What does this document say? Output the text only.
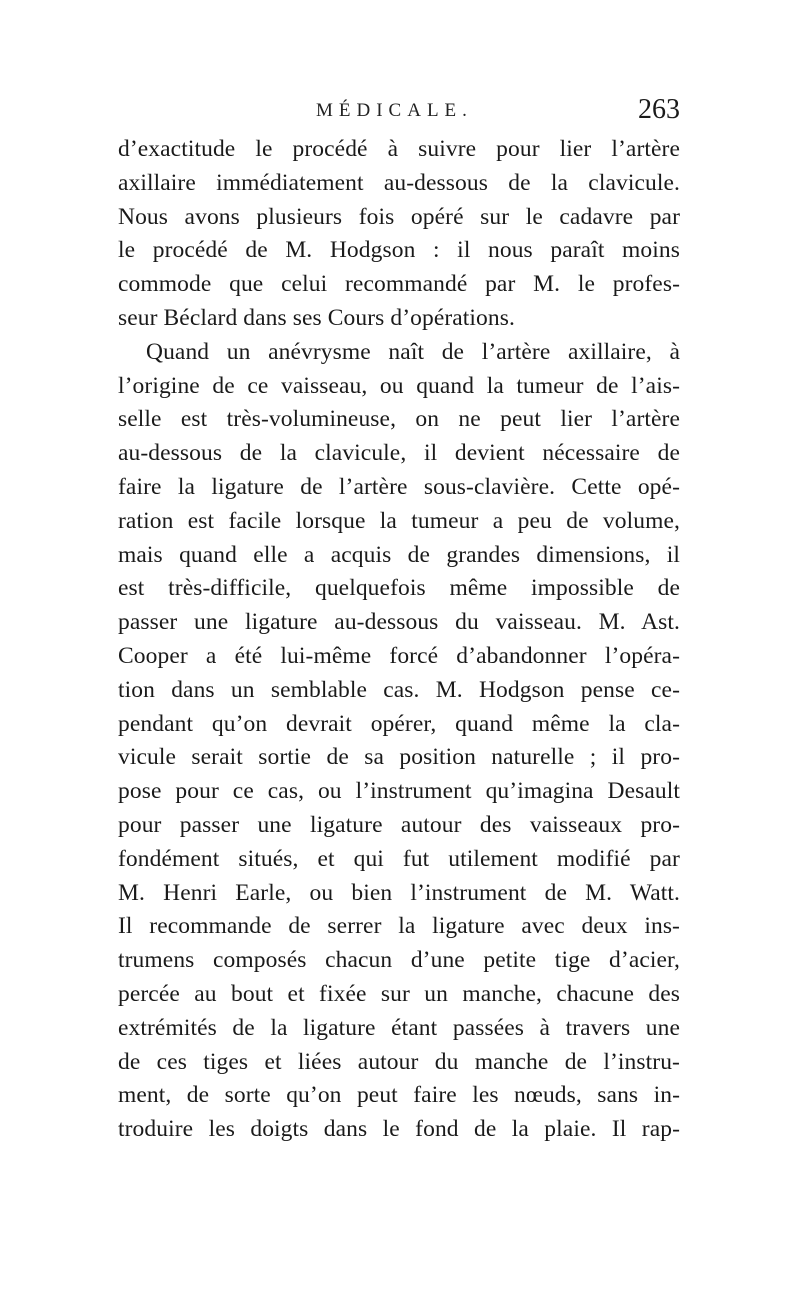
MÉDICALE.	263
d’exactitude le procédé à suivre pour lier l’artère
axillaire immédiatement au-dessous de la clavicule.
Nous avons plusieurs fois opéré sur le cadavre par
le procédé de M. Hodgson : il nous paraît moins
commode que celui recommandé par M. le profes-
seur Béclard dans ses Cours d’opérations.
Quand un anévrysme naît de l’artère axillaire, à
l’origine de ce vaisseau, ou quand la tumeur de l’ais-
selle est très-volumineuse, on ne peut lier l’artère
au-dessous de la clavicule, il devient nécessaire de
faire la ligature de l’artère sous-clavière. Cette opé-
ration est facile lorsque la tumeur a peu de volume,
mais quand elle a acquis de grandes dimensions, il
est très-difficile, quelquefois même impossible de
passer une ligature au-dessous du vaisseau. M. Ast.
Cooper a été lui-même forcé d’abandonner l’opéra-
tion dans un semblable cas. M. Hodgson pense ce-
pendant qu’on devrait opérer, quand même la cla-
vicule serait sortie de sa position naturelle ; il pro-
pose pour ce cas, ou l’instrument qu’imagina Desault
pour passer une ligature autour des vaisseaux pro-
fondément situés, et qui fut utilement modifié par
M. Henri Earle, ou bien l’instrument de M. Watt.
Il recommande de serrer la ligature avec deux ins-
trumens composés chacun d’une petite tige d’acier,
percée au bout et fixée sur un manche, chacune des
extrémités de la ligature étant passées à travers une
de ces tiges et liées autour du manche de l’instru-
ment, de sorte qu’on peut faire les nœuds, sans in-
troduire les doigts dans le fond de la plaie. Il rap-
